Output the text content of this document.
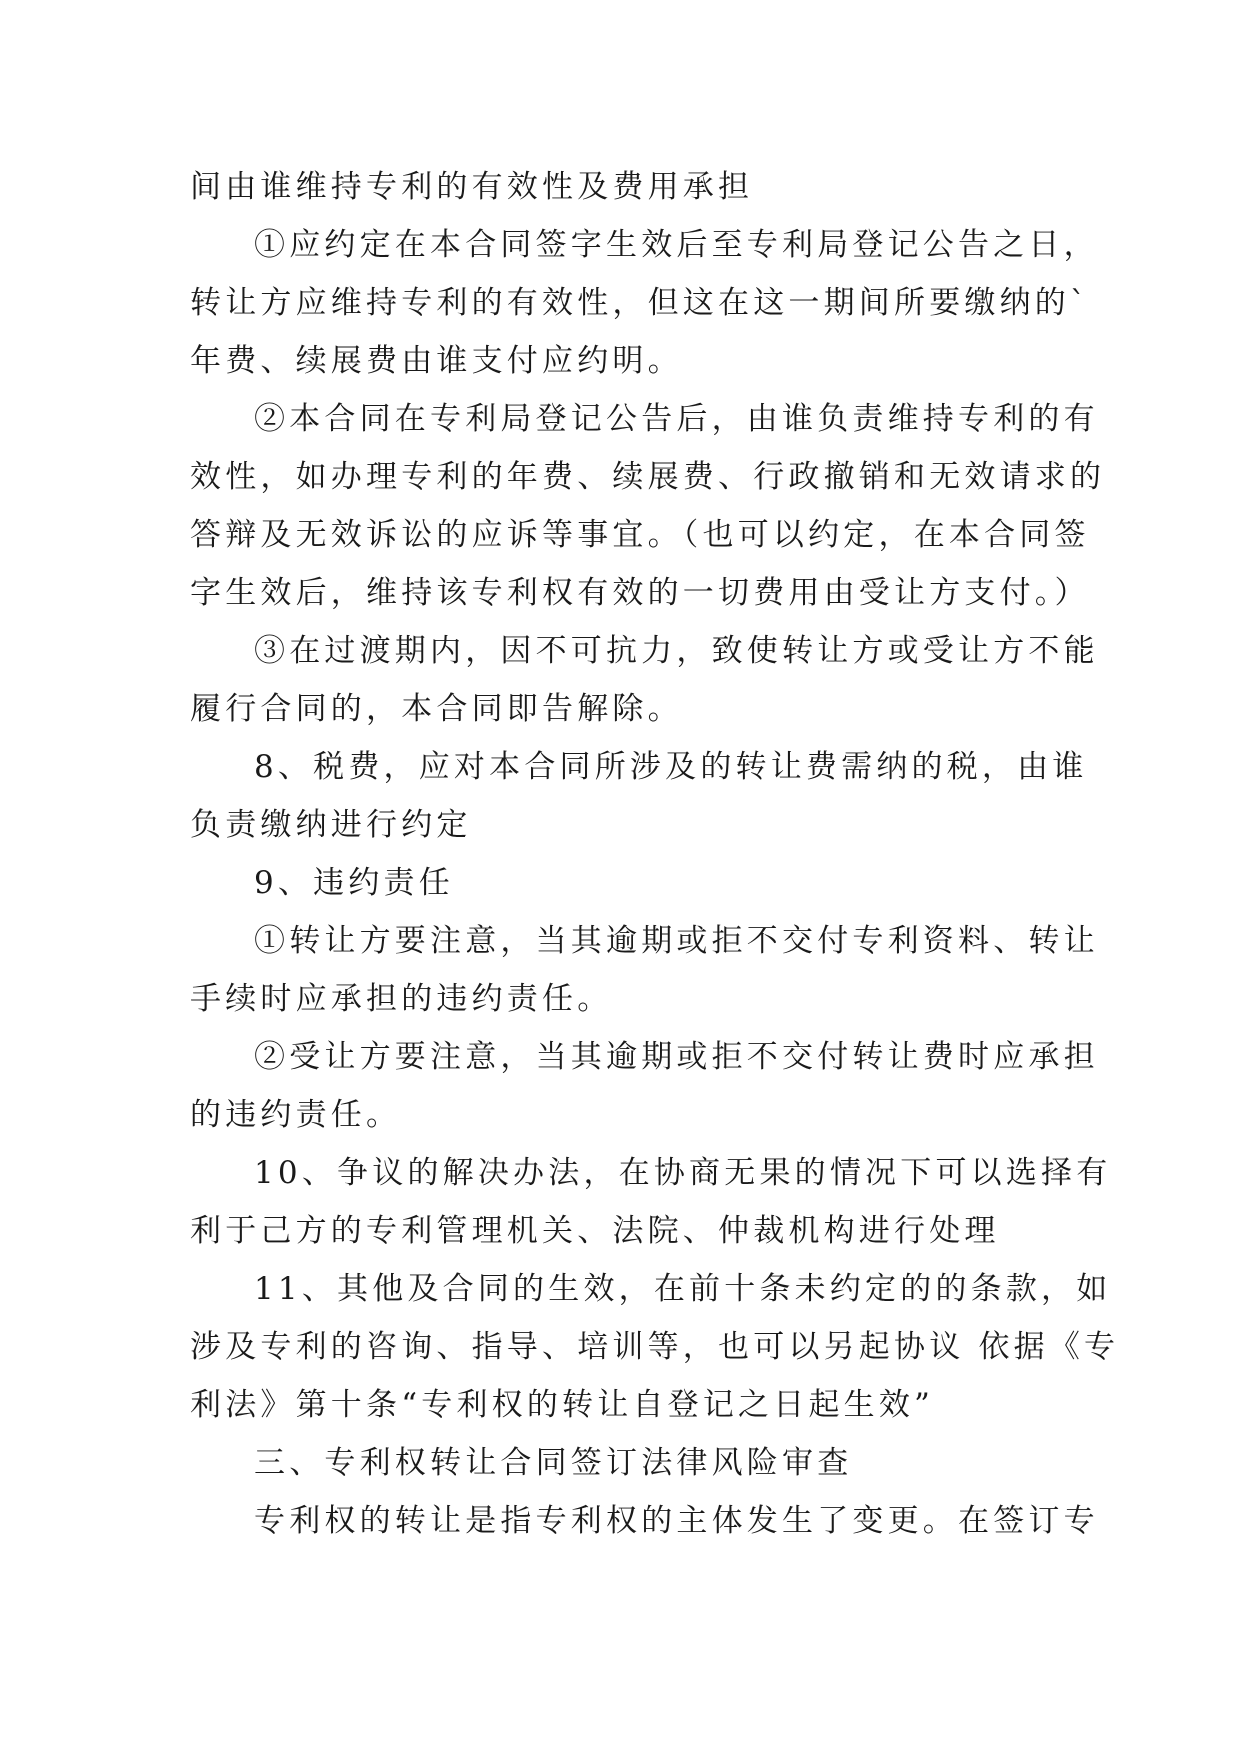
间由谁维持专利的有效性及费用承担
①应约定在本合同签字生效后至专利局登记公告之日，
转让方应维持专利的有效性，但这在这一期间所要缴纳的`
年费、续展费由谁支付应约明。
②本合同在专利局登记公告后，由谁负责维持专利的有
效性，如办理专利的年费、续展费、行政撤销和无效请求的
答辩及无效诉讼的应诉等事宜。（也可以约定，在本合同签
字生效后，维持该专利权有效的一切费用由受让方支付。）
③在过渡期内，因不可抗力，致使转让方或受让方不能
履行合同的，本合同即告解除。
8、税费，应对本合同所涉及的转让费需纳的税，由谁
负责缴纳进行约定
9、违约责任
①转让方要注意，当其逾期或拒不交付专利资料、转让
手续时应承担的违约责任。
②受让方要注意，当其逾期或拒不交付转让费时应承担
的违约责任。
10、争议的解决办法，在协商无果的情况下可以选择有
利于己方的专利管理机关、法院、仲裁机构进行处理
11、其他及合同的生效，在前十条未约定的的条款，如
涉及专利的咨询、指导、培训等，也可以另起协议 依据《专
利法》第十条“专利权的转让自登记之日起生效”
三、专利权转让合同签订法律风险审查
专利权的转让是指专利权的主体发生了变更。在签订专
